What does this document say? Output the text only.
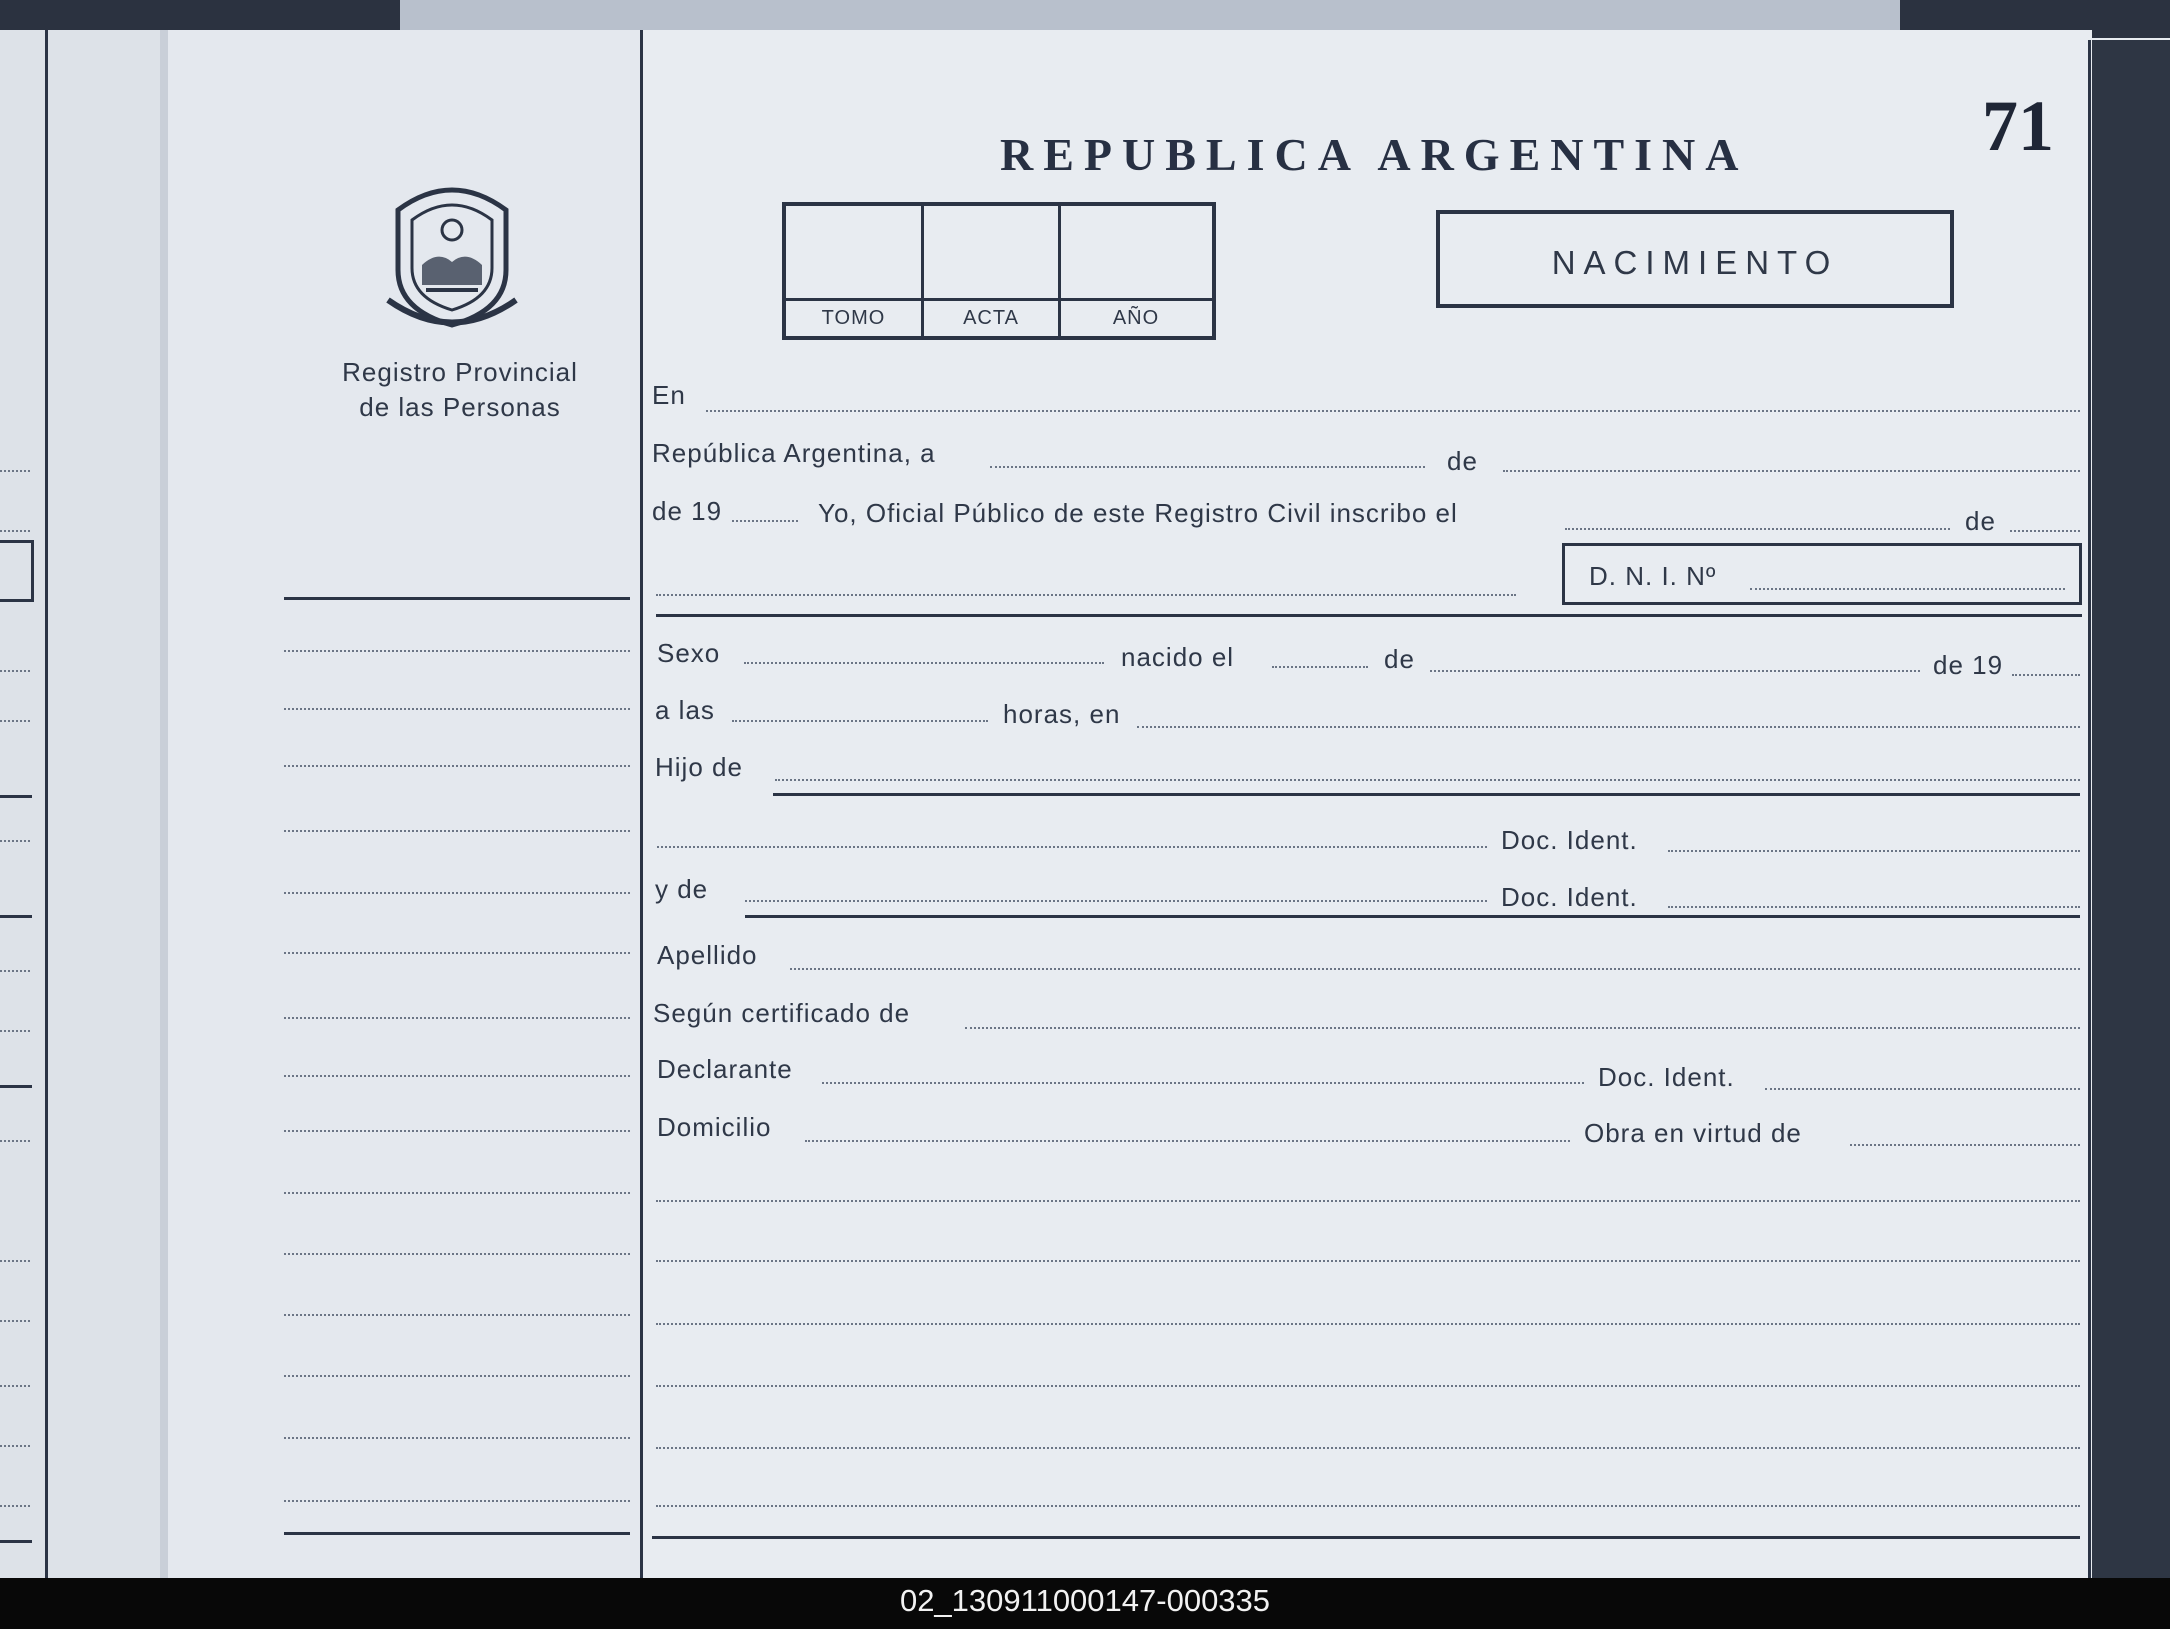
Registro Provincial
de las Personas
REPUBLICA ARGENTINA	71
TOMO	ACTA	AÑO
NACIMIENTO
En
República Argentina, a	de
de 19	Yo, Oficial Público de este Registro Civil inscribo el	de
D. N. I. Nº
Sexo	nacido el	de	de 19
a las	horas, en
Hijo de
Doc. Ident.
y de	Doc. Ident.
Apellido
Según certificado de
Declarante	Doc. Ident.
Domicilio	Obra en virtud de
02_130911000147-000335
